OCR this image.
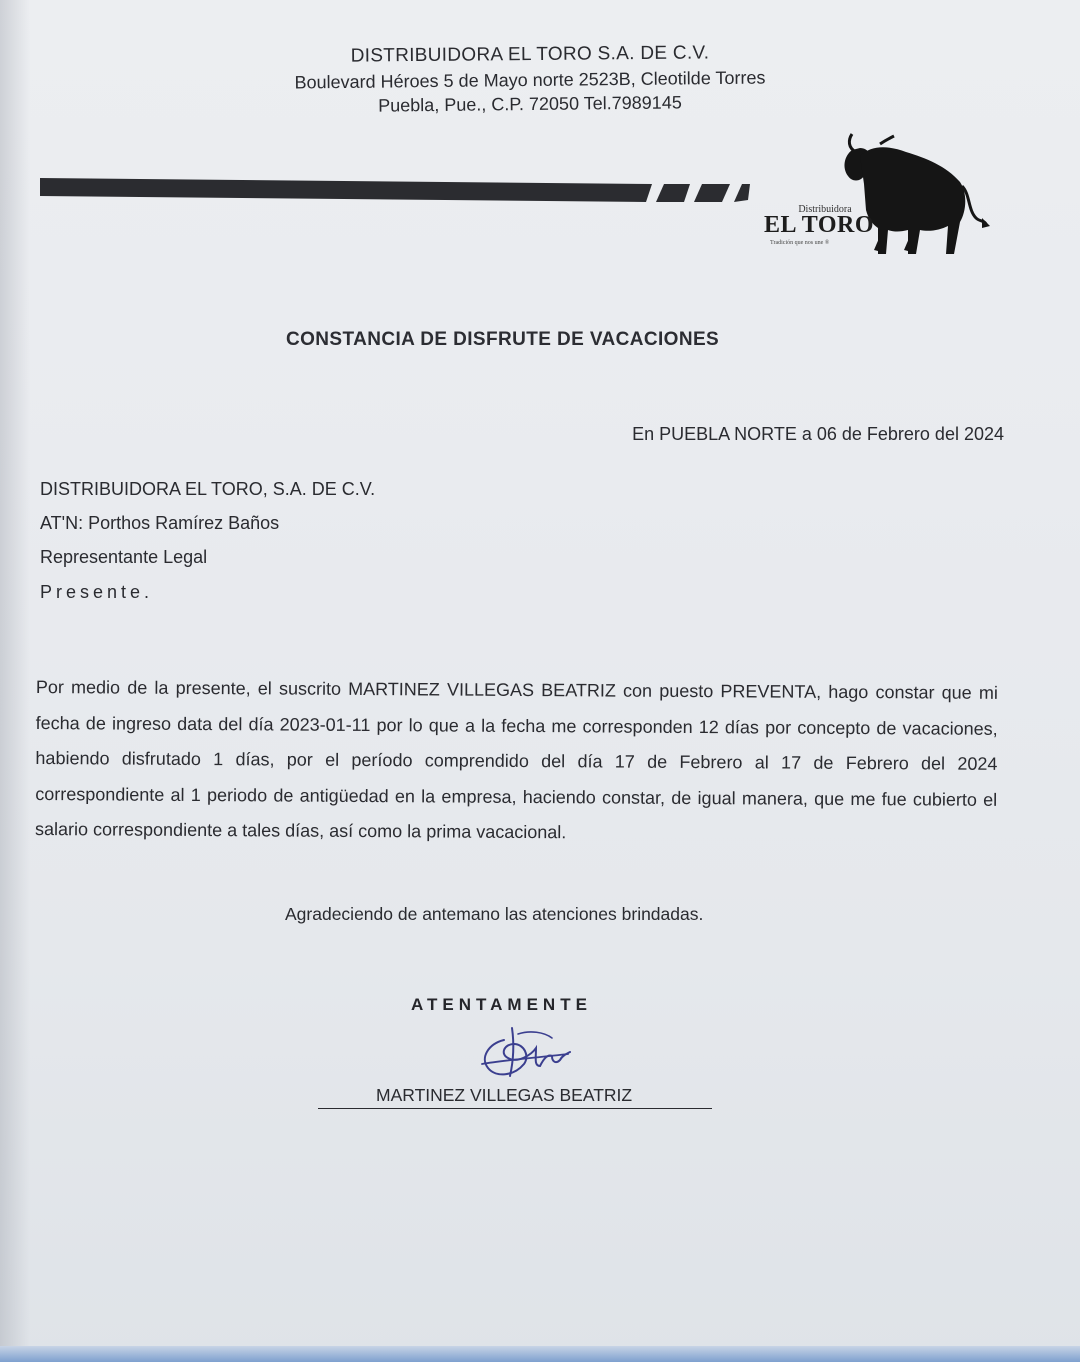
DISTRIBUIDORA EL TORO S.A. DE C.V.
Boulevard Héroes 5 de Mayo norte 2523B, Cleotilde Torres
Puebla, Pue., C.P. 72050 Tel.7989145
Distribuidora
EL TORO
Tradición que nos une ®
CONSTANCIA DE DISFRUTE DE VACACIONES
En PUEBLA NORTE a 06 de Febrero del 2024
DISTRIBUIDORA EL TORO, S.A. DE C.V.
AT'N: Porthos Ramírez Baños
Representante Legal
Presente.
Por medio de la presente, el suscrito MARTINEZ VILLEGAS BEATRIZ con puesto PREVENTA, hago constar que mi fecha de ingreso data del día 2023-01-11 por lo que a la fecha me corresponden 12 días por concepto de vacaciones, habiendo disfrutado 1 días, por el período comprendido del día 17 de Febrero al 17 de Febrero del 2024 correspondiente al 1 periodo de antigüedad en la empresa, haciendo constar, de igual manera, que me fue cubierto el salario correspondiente a tales días, así como la prima vacacional.
Agradeciendo de antemano las atenciones brindadas.
ATENTAMENTE
MARTINEZ VILLEGAS BEATRIZ
